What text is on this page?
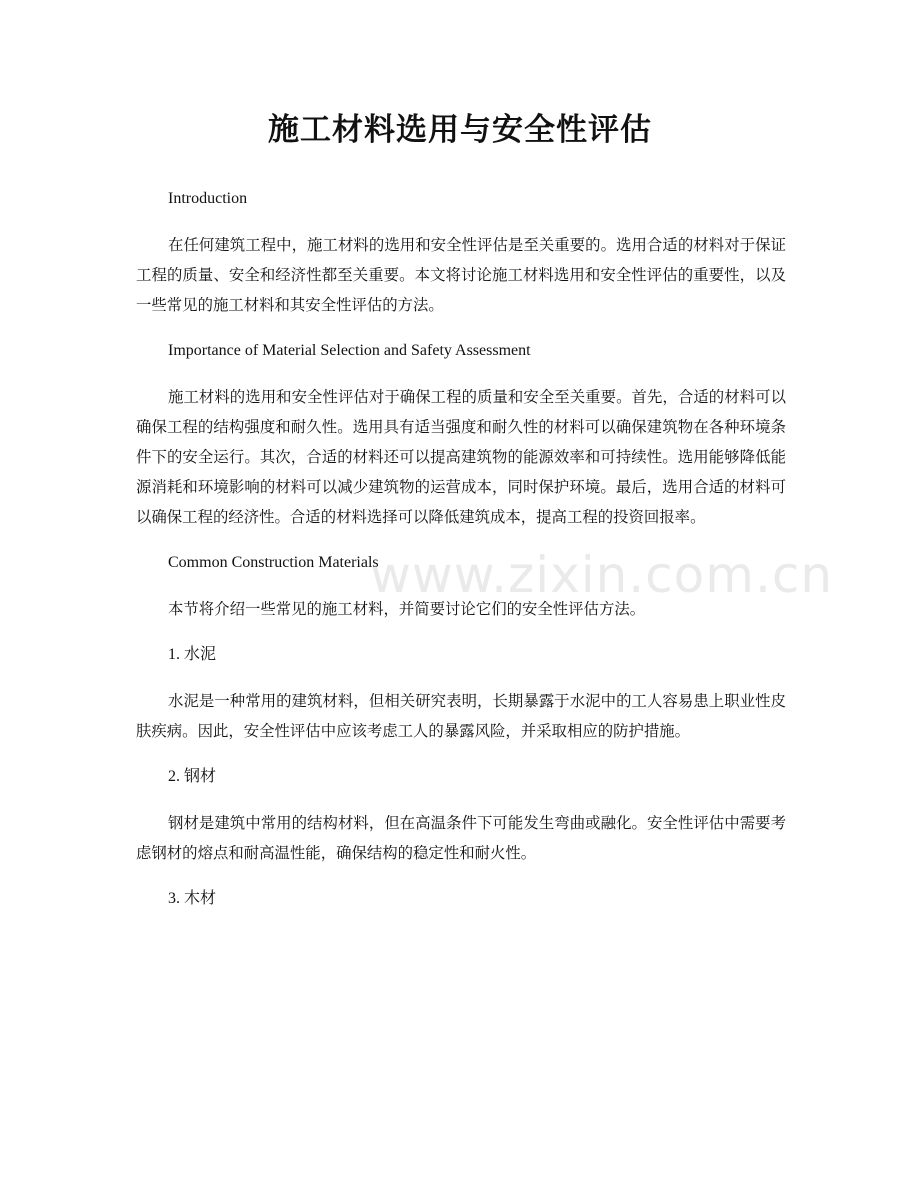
施工材料选用与安全性评估

Introduction

在任何建筑工程中，施工材料的选用和安全性评估是至关重要的。选用合适的材料对于保证工程的质量、安全和经济性都至关重要。本文将讨论施工材料选用和安全性评估的重要性，以及一些常见的施工材料和其安全性评估的方法。

Importance of Material Selection and Safety Assessment

施工材料的选用和安全性评估对于确保工程的质量和安全至关重要。首先，合适的材料可以确保工程的结构强度和耐久性。选用具有适当强度和耐久性的材料可以确保建筑物在各种环境条件下的安全运行。其次，合适的材料还可以提高建筑物的能源效率和可持续性。选用能够降低能源消耗和环境影响的材料可以减少建筑物的运营成本，同时保护环境。最后，选用合适的材料可以确保工程的经济性。合适的材料选择可以降低建筑成本，提高工程的投资回报率。

Common Construction Materials

本节将介绍一些常见的施工材料，并简要讨论它们的安全性评估方法。

1. 水泥

水泥是一种常用的建筑材料，但相关研究表明，长期暴露于水泥中的工人容易患上职业性皮肤疾病。因此，安全性评估中应该考虑工人的暴露风险，并采取相应的防护措施。

2. 钢材

钢材是建筑中常用的结构材料，但在高温条件下可能发生弯曲或融化。安全性评估中需要考虑钢材的熔点和耐高温性能，确保结构的稳定性和耐火性。

3. 木材

www.zixin.com.cn
